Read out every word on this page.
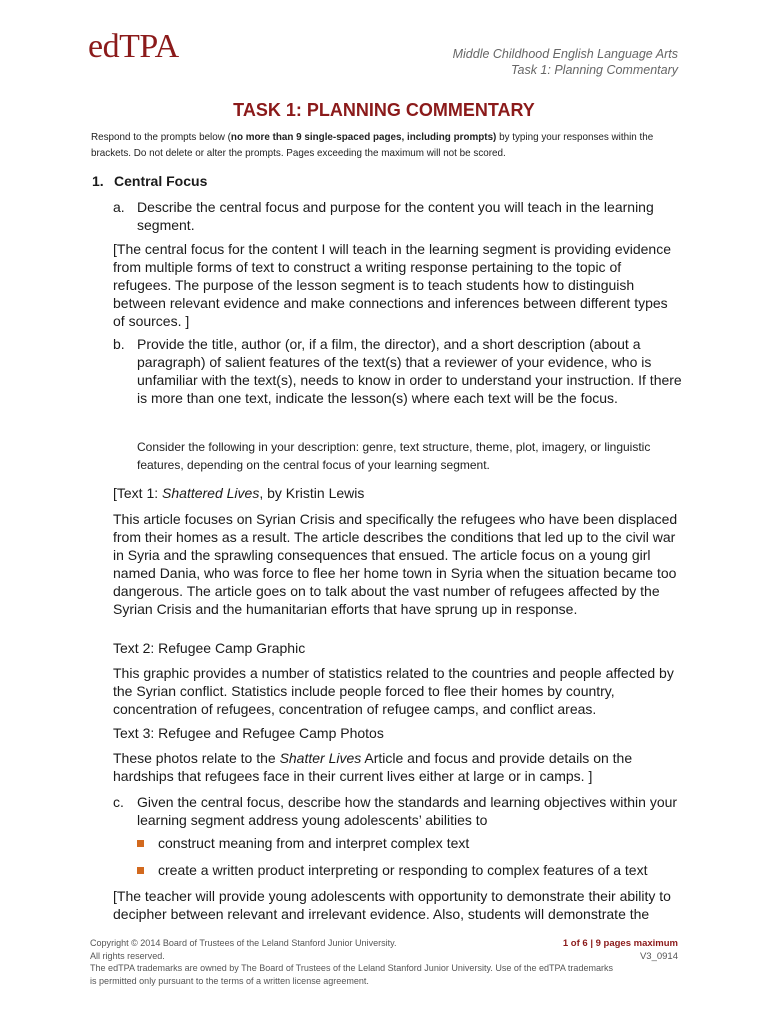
edTPA	Middle Childhood English Language Arts
Task 1: Planning Commentary
TASK 1: PLANNING COMMENTARY
Respond to the prompts below (no more than 9 single-spaced pages, including prompts) by typing your responses within the brackets. Do not delete or alter the prompts. Pages exceeding the maximum will not be scored.
1. Central Focus
a. Describe the central focus and purpose for the content you will teach in the learning segment.
[The central focus for the content I will teach in the learning segment is providing evidence from multiple forms of text to construct a writing response pertaining to the topic of refugees. The purpose of the lesson segment is to teach students how to distinguish between relevant evidence and make connections and inferences between different types of sources. ]
b. Provide the title, author (or, if a film, the director), and a short description (about a paragraph) of salient features of the text(s) that a reviewer of your evidence, who is unfamiliar with the text(s), needs to know in order to understand your instruction. If there is more than one text, indicate the lesson(s) where each text will be the focus.
Consider the following in your description: genre, text structure, theme, plot, imagery, or linguistic features, depending on the central focus of your learning segment.
[Text 1: Shattered Lives, by Kristin Lewis
This article focuses on Syrian Crisis and specifically the refugees who have been displaced from their homes as a result. The article describes the conditions that led up to the civil war in Syria and the sprawling consequences that ensued. The article focus on a young girl named Dania, who was force to flee her home town in Syria when the situation became too dangerous. The article goes on to talk about the vast number of refugees affected by the Syrian Crisis and the humanitarian efforts that have sprung up in response.
Text 2: Refugee Camp Graphic
This graphic provides a number of statistics related to the countries and people affected by the Syrian conflict. Statistics include people forced to flee their homes by country, concentration of refugees, concentration of refugee camps, and conflict areas.
Text 3: Refugee and Refugee Camp Photos
These photos relate to the Shatter Lives Article and focus and provide details on the hardships that refugees face in their current lives either at large or in camps. ]
c. Given the central focus, describe how the standards and learning objectives within your learning segment address young adolescents’ abilities to
construct meaning from and interpret complex text
create a written product interpreting or responding to complex features of a text
[The teacher will provide young adolescents with opportunity to demonstrate their ability to decipher between relevant and irrelevant evidence. Also, students will demonstrate the
Copyright © 2014 Board of Trustees of the Leland Stanford Junior University.
All rights reserved.
The edTPA trademarks are owned by The Board of Trustees of the Leland Stanford Junior University. Use of the edTPA trademarks is permitted only pursuant to the terms of a written license agreement.
1 of 6 | 9 pages maximum
V3_0914
